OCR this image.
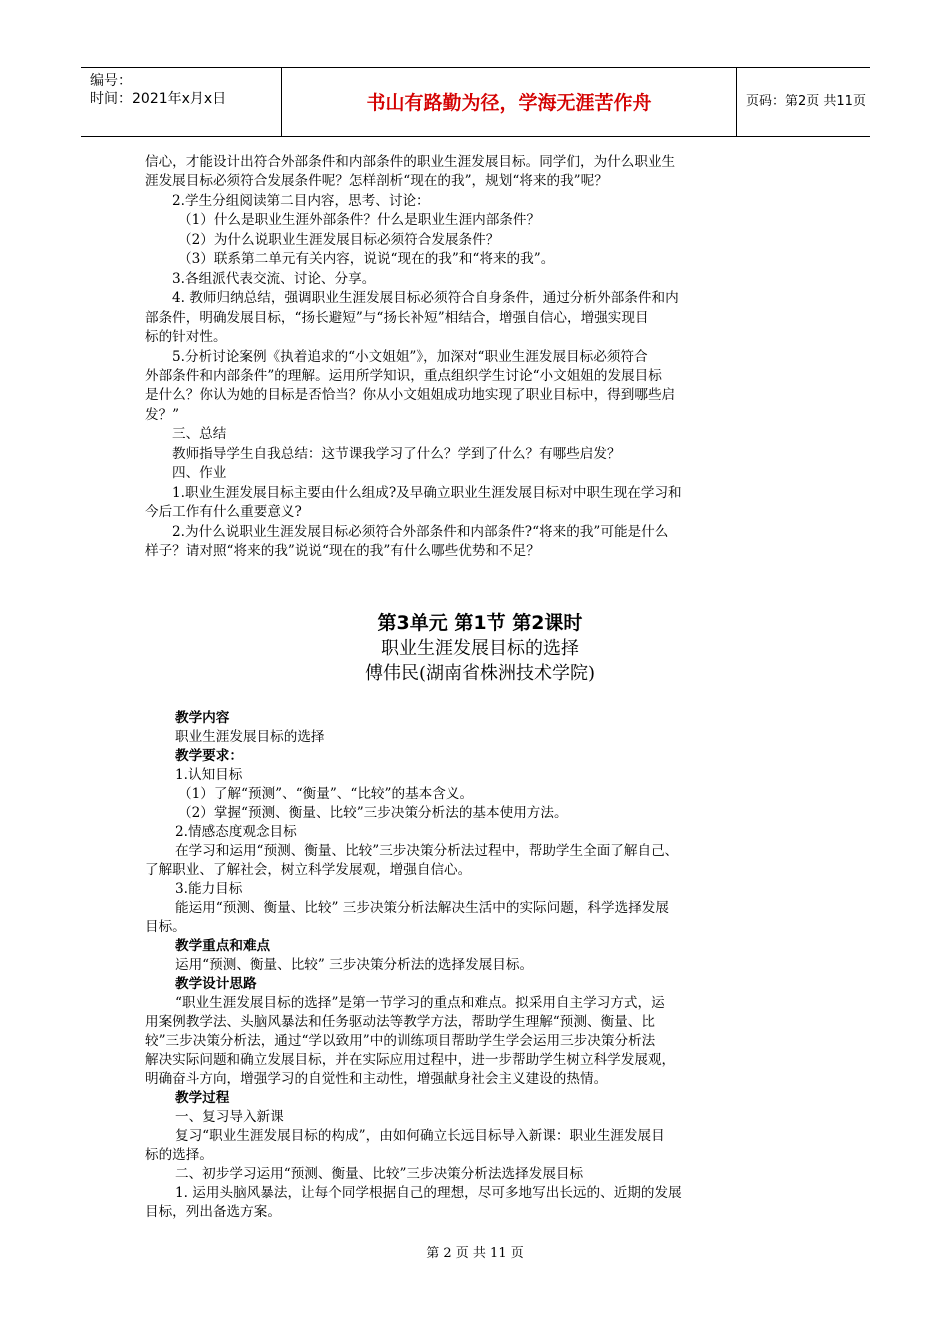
编号：
时间：2021年x月x日	书山有路勤为径，学海无涯苦作舟	页码：第2页 共11页

信心，才能设计出符合外部条件和内部条件的职业生涯发展目标。同学们，为什么职业生

涯发展目标必须符合发展条件呢？怎样剖析“现在的我”，规划“将来的我”呢？

2.学生分组阅读第二目内容，思考、讨论：

（1）什么是职业生涯外部条件？什么是职业生涯内部条件？

（2）为什么说职业生涯发展目标必须符合发展条件？

（3）联系第二单元有关内容，说说“现在的我”和“将来的我”。

3.各组派代表交流、讨论、分享。

4. 教师归纳总结，强调职业生涯发展目标必须符合自身条件，通过分析外部条件和内

部条件，明确发展目标，“扬长避短”与“扬长补短”相结合，增强自信心，增强实现目

标的针对性。

5.分析讨论案例《执着追求的“小文姐姐”》，加深对“职业生涯发展目标必须符合

外部条件和内部条件”的理解。运用所学知识，重点组织学生讨论“小文姐姐的发展目标

是什么？你认为她的目标是否恰当？你从小文姐姐成功地实现了职业目标中，得到哪些启

发？”

三、总结

教师指导学生自我总结：这节课我学习了什么？学到了什么？有哪些启发？

四、作业

1.职业生涯发展目标主要由什么组成?及早确立职业生涯发展目标对中职生现在学习和

今后工作有什么重要意义?

2.为什么说职业生涯发展目标必须符合外部条件和内部条件?“将来的我”可能是什么

样子？请对照“将来的我”说说“现在的我”有什么哪些优势和不足？

第3单元 第1节 第2课时
职业生涯发展目标的选择
傅伟民(湖南省株洲技术学院)

教学内容

职业生涯发展目标的选择

教学要求：

1.认知目标

（1）了解“预测”、“衡量”、“比较”的基本含义。

（2）掌握“预测、衡量、比较”三步决策分析法的基本使用方法。

2.情感态度观念目标

在学习和运用“预测、衡量、比较”三步决策分析法过程中，帮助学生全面了解自己、

了解职业、了解社会，树立科学发展观，增强自信心。

3.能力目标

能运用“预测、衡量、比较” 三步决策分析法解决生活中的实际问题，科学选择发展

目标。

教学重点和难点

运用“预测、衡量、比较” 三步决策分析法的选择发展目标。

教学设计思路

“职业生涯发展目标的选择”是第一节学习的重点和难点。拟采用自主学习方式，运

用案例教学法、头脑风暴法和任务驱动法等教学方法，帮助学生理解“预测、衡量、比

较”三步决策分析法，通过“学以致用”中的训练项目帮助学生学会运用三步决策分析法

解决实际问题和确立发展目标，并在实际应用过程中，进一步帮助学生树立科学发展观，

明确奋斗方向，增强学习的自觉性和主动性，增强献身社会主义建设的热情。

教学过程

一、复习导入新课

复习“职业生涯发展目标的构成”，由如何确立长远目标导入新课：职业生涯发展目

标的选择。

二、初步学习运用“预测、衡量、比较”三步决策分析法选择发展目标

1. 运用头脑风暴法，让每个同学根据自己的理想，尽可多地写出长远的、近期的发展

目标，列出备选方案。

第 2 页 共 11 页
